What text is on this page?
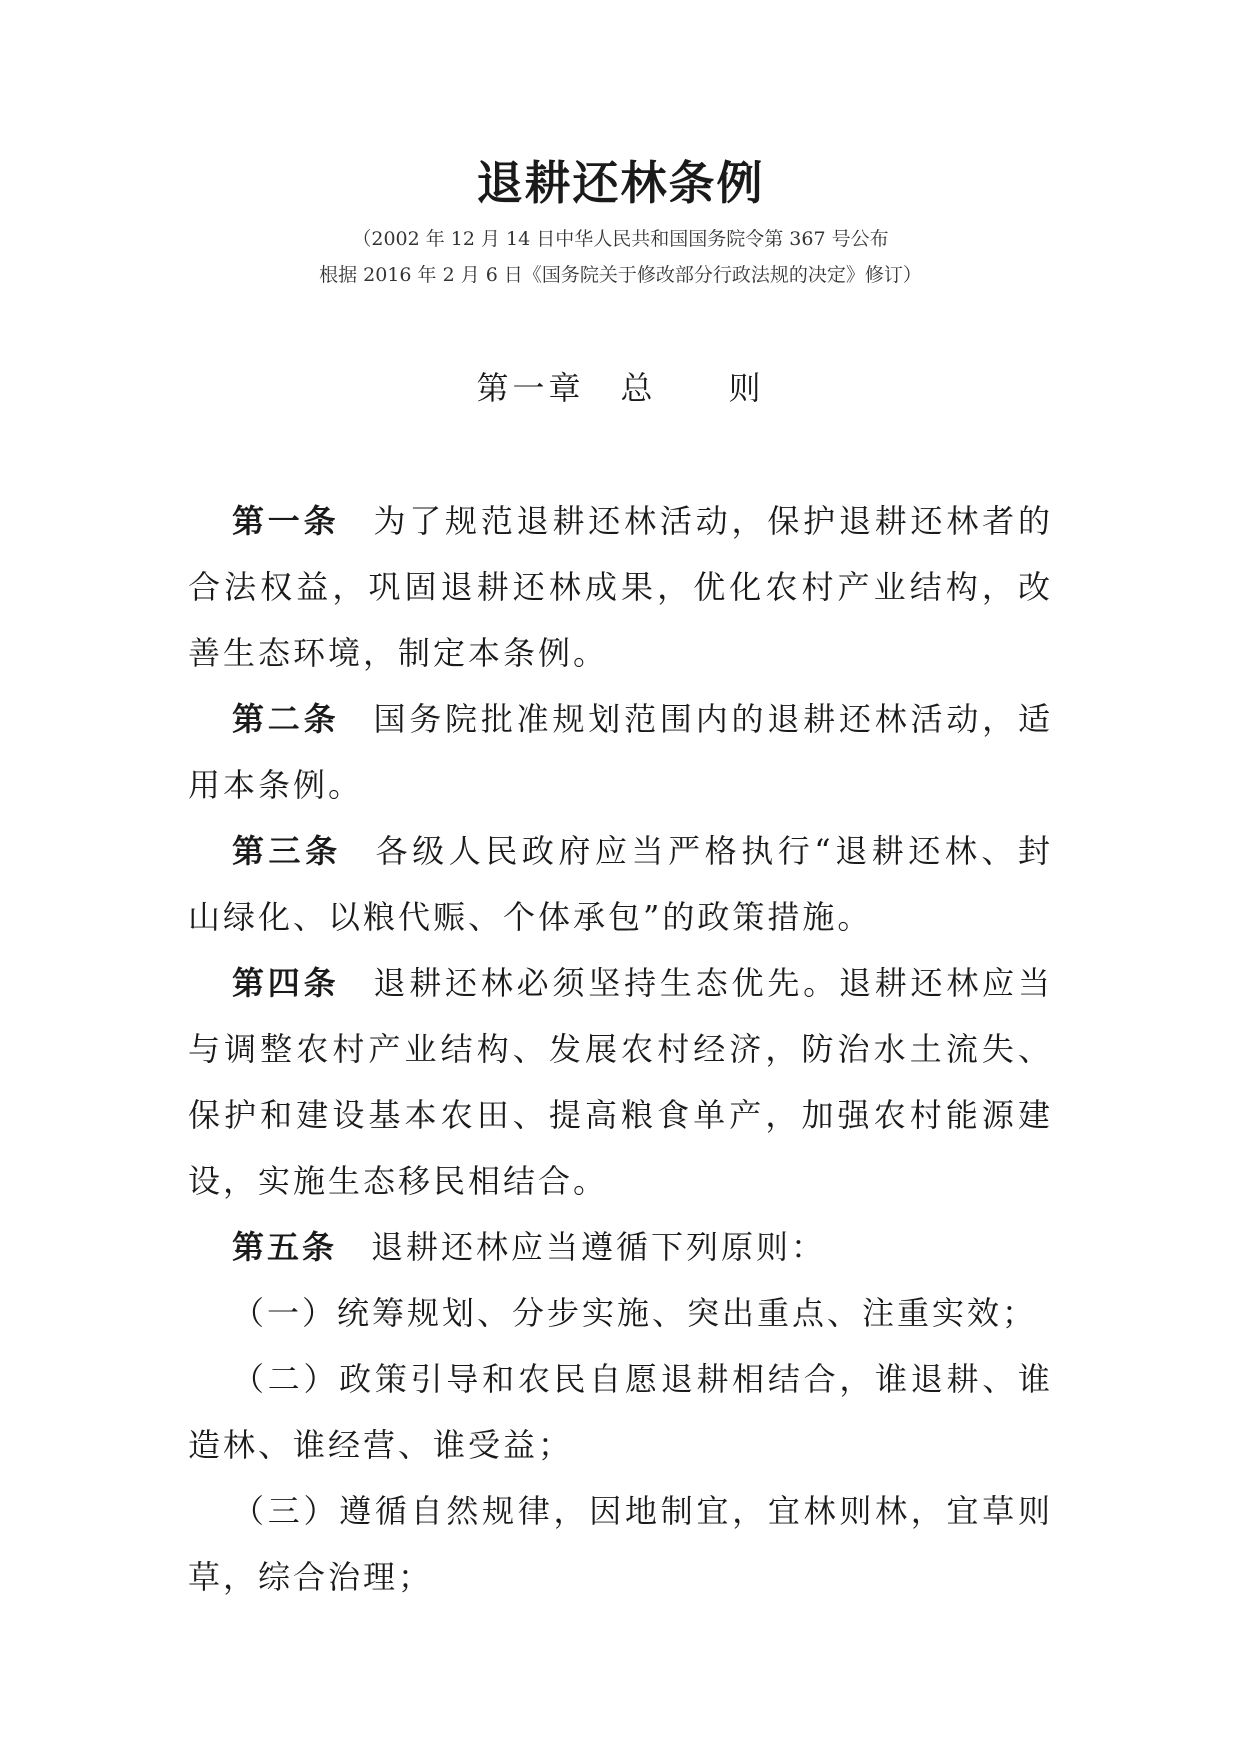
退耕还林条例
（2002 年 12 月 14 日中华人民共和国国务院令第 367 号公布
根据 2016 年 2 月 6 日《国务院关于修改部分行政法规的决定》修订）
第一章　总　　则

第一条 为了规范退耕还林活动，保护退耕还林者的合法权益，巩固退耕还林成果，优化农村产业结构，改善生态环境，制定本条例。

第二条 国务院批准规划范围内的退耕还林活动，适用本条例。

第三条 各级人民政府应当严格执行“退耕还林、封山绿化、以粮代赈、个体承包”的政策措施。

第四条 退耕还林必须坚持生态优先。退耕还林应当与调整农村产业结构、发展农村经济，防治水土流失、保护和建设基本农田、提高粮食单产，加强农村能源建设，实施生态移民相结合。

第五条 退耕还林应当遵循下列原则：

（一）统筹规划、分步实施、突出重点、注重实效；

（二）政策引导和农民自愿退耕相结合，谁退耕、谁造林、谁经营、谁受益；

（三）遵循自然规律，因地制宜，宜林则林，宜草则草，综合治理；
